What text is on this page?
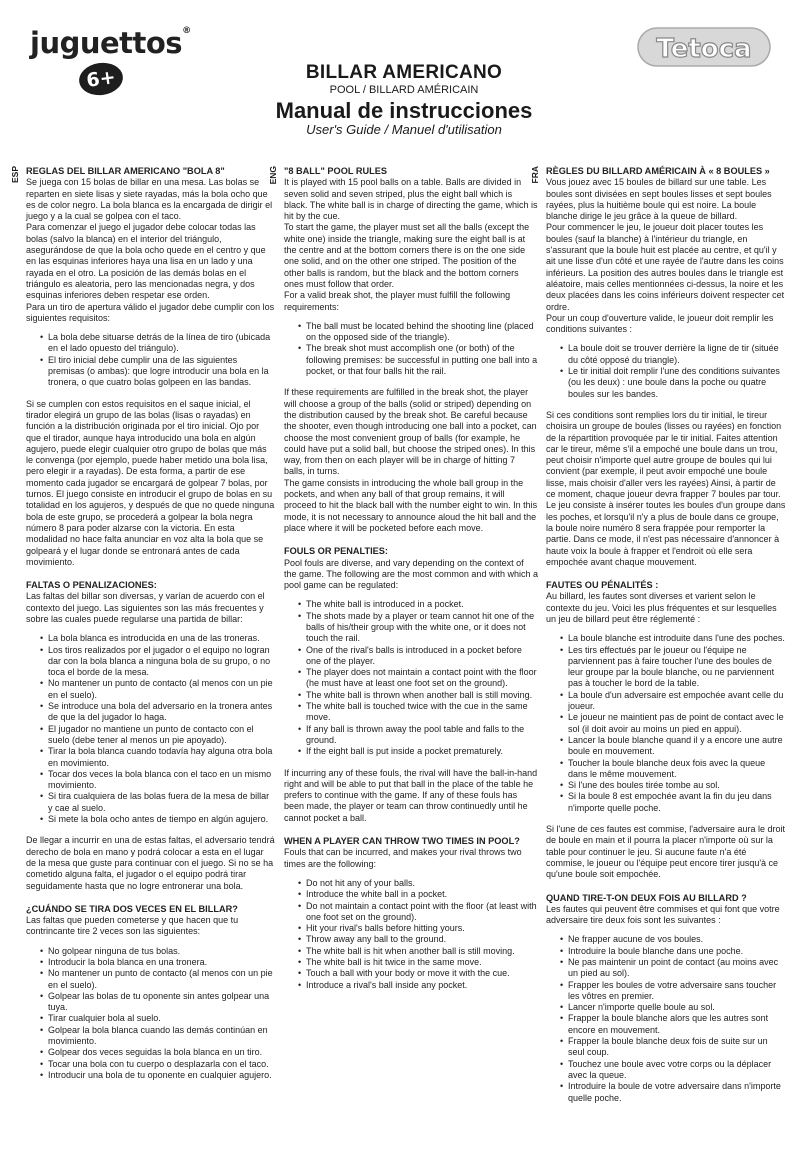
juguettos®
6+
Tetoca
BILLAR AMERICANO
POOL / BILLARD AMÉRICAIN
Manual de instrucciones
User's Guide / Manuel d'utilisation
ESP	ENG	FRA

REGLAS DEL BILLAR AMERICANO "BOLA 8"

Se juega con 15 bolas de billar en una mesa. Las bolas se reparten en siete lisas y siete rayadas, más la bola ocho que es de color negro. La bola blanca es la encargada de dirigir el juego y a la cual se golpea con el taco.
Para comenzar el juego el jugador debe colocar todas las bolas (salvo la blanca) en el interior del triángulo, asegurándose de que la bola ocho quede en el centro y que en las esquinas inferiores haya una lisa en un lado y una rayada en el otro. La posición de las demás bolas en el triángulo es aleatoria, pero las mencionadas negra, y dos esquinas inferiores deben respetar ese orden.
Para un tiro de apertura válido el jugador debe cumplir con los siguientes requisitos:

• La bola debe situarse detrás de la línea de tiro (ubicada en el lado opuesto del triángulo).
• El tiro inicial debe cumplir una de las siguientes premisas (o ambas): que logre introducir una bola en la tronera, o que cuatro bolas golpeen en las bandas.

Si se cumplen con estos requisitos en el saque inicial, el tirador elegirá un grupo de las bolas (lisas o rayadas) en función a la distribución originada por el tiro inicial. Ojo por que el tirador, aunque haya introducido una bola en algún agujero, puede elegir cualquier otro grupo de bolas que más le convenga (por ejemplo, puede haber metido una bola lisa, pero elegir ir a rayadas). De esta forma, a partir de ese momento cada jugador se encargará de golpear 7 bolas, por turnos. El juego consiste en introducir el grupo de bolas en su totalidad en los agujeros, y después de que no quede ninguna bola de este grupo, se procederá a golpear la bola negra número 8 para poder alzarse con la victoria. En esta modalidad no hace falta anunciar en voz alta la bola que se golpeará y el lugar donde se entronará antes de cada movimiento.

FALTAS O PENALIZACIONES:

Las faltas del billar son diversas, y varían de acuerdo con el contexto del juego. Las siguientes son las más frecuentes y sobre las cuales puede regularse una partida de billar:

• La bola blanca es introducida en una de las troneras.
• Los tiros realizados por el jugador o el equipo no logran dar con la bola blanca a ninguna bola de su grupo, o no toca el borde de la mesa.
• No mantener un punto de contacto (al menos con un pie en el suelo).
• Se introduce una bola del adversario en la tronera antes de que la del jugador lo haga.
• El jugador no mantiene un punto de contacto con el suelo (debe tener al menos un pie apoyado).
• Tirar la bola blanca cuando todavía hay alguna otra bola en movimiento.
• Tocar dos veces la bola blanca con el taco en un mismo movimiento.
• Si tira cualquiera de las bolas fuera de la mesa de billar y cae al suelo.
• Si mete la bola ocho antes de tiempo en algún agujero.

De llegar a incurrir en una de estas faltas, el adversario tendrá derecho de bola en mano y podrá colocar a esta en el lugar de la mesa que guste para continuar con el juego. Si no se ha cometido alguna falta, el jugador o el equipo podrá tirar seguidamente hasta que no logre entronerar una bola.

¿CUÁNDO SE TIRA DOS VECES EN EL BILLAR?

Las faltas que pueden cometerse y que hacen que tu contrincante tire 2 veces son las siguientes:

• No golpear ninguna de tus bolas.
• Introducir la bola blanca en una tronera.
• No mantener un punto de contacto (al menos con un pie en el suelo).
• Golpear las bolas de tu oponente sin antes golpear una tuya.
• Tirar cualquier bola al suelo.
• Golpear la bola blanca cuando las demás continúan en movimiento.
• Golpear dos veces seguidas la bola blanca en un tiro.
• Tocar una bola con tu cuerpo o desplazarla con el taco.
• Introducir una bola de tu oponente en cualquier agujero.

"8 BALL" POOL RULES

It is played with 15 pool balls on a table. Balls are divided in seven solid and seven striped, plus the eight ball which is black. The white ball is in charge of directing the game, which is hit by the cue.
To start the game, the player must set all the balls (except the white one) inside the triangle, making sure the eight ball is at the centre and at the bottom corners there is on the one side one solid, and on the other one striped. The position of the other balls is random, but the black and the bottom corners ones must follow that order.
For a valid break shot, the player must fulfill the following requirements:

• The ball must be located behind the shooting line (placed on the opposed side of the triangle).
• The break shot must accomplish one (or both) of the following premises: be successful in putting one ball into a pocket, or that four balls hit the rail.

If these requirements are fulfilled in the break shot, the player will choose a group of the balls (solid or striped) depending on the distribution caused by the break shot. Be careful because the shooter, even though introducing one ball into a pocket, can choose the most convenient group of balls (for example, he could have put a solid ball, but choose the striped ones). In this way, from then on each player will be in charge of hitting 7 balls, in turns.
The game consists in introducing the whole ball group in the pockets, and when any ball of that group remains, it will proceed to hit the black ball with the number eight to win. In this mode, it is not necessary to announce aloud the hit ball and the place where it will be pocketed before each move.

FOULS OR PENALTIES:

Pool fouls are diverse, and vary depending on the context of the game. The following are the most common and with which a pool game can be regulated:

• The white ball is introduced in a pocket.
• The shots made by a player or team cannot hit one of the balls of his/their group with the white one, or it does not touch the rail.
• One of the rival's balls is introduced in a pocket before one of the player.
• The player does not maintain a contact point with the floor (he must have at least one foot set on the ground).
• The white ball is thrown when another ball is still moving.
• The white ball is touched twice with the cue in the same move.
• If any ball is thrown away the pool table and falls to the ground.
• If the eight ball is put inside a pocket prematurely.

If incurring any of these fouls, the rival will have the ball-in-hand right and will be able to put that ball in the place of the table he prefers to continue with the game. If any of these fouls has been made, the player or team can throw continuedly until he cannot pocket a ball.

WHEN A PLAYER CAN THROW TWO TIMES IN POOL?

Fouls that can be incurred, and makes your rival throws two times are the following:

• Do not hit any of your balls.
• Introduce the white ball in a pocket.
• Do not maintain a contact point with the floor (at least with one foot set on the ground).
• Hit your rival's balls before hitting yours.
• Throw away any ball to the ground.
• The white ball is hit when another ball is still moving.
• The white ball is hit twice in the same move.
• Touch a ball with your body or move it with the cue.
• Introduce a rival's ball inside any pocket.

RÈGLES DU BILLARD AMÉRICAIN À « 8 BOULES »

Vous jouez avec 15 boules de billard sur une table. Les boules sont divisées en sept boules lisses et sept boules rayées, plus la huitième boule qui est noire. La boule blanche dirige le jeu grâce à la queue de billard.
Pour commencer le jeu, le joueur doit placer toutes les boules (sauf la blanche) à l'intérieur du triangle, en s'assurant que la boule huit est placée au centre, et qu'il y ait une lisse d'un côté et une rayée de l'autre dans les coins inférieurs. La position des autres boules dans le triangle est aléatoire, mais celles mentionnées ci-dessus, la noire et les deux placées dans les coins inférieurs doivent respecter cet ordre.
Pour un coup d'ouverture valide, le joueur doit remplir les conditions suivantes :

• La boule doit se trouver derrière la ligne de tir (située du côté opposé du triangle).
• Le tir initial doit remplir l'une des conditions suivantes (ou les deux) : une boule dans la poche ou quatre boules sur les bandes.

Si ces conditions sont remplies lors du tir initial, le tireur choisira un groupe de boules (lisses ou rayées) en fonction de la répartition provoquée par le tir initial. Faites attention car le tireur, même s'il a empoché une boule dans un trou, peut choisir n'importe quel autre groupe de boules qui lui convient (par exemple, il peut avoir empoché une boule lisse, mais choisir d'aller vers les rayées) Ainsi, à partir de ce moment, chaque joueur devra frapper 7 boules par tour. Le jeu consiste à insérer toutes les boules d'un groupe dans les poches, et lorsqu'il n'y a plus de boule dans ce groupe, la boule noire numéro 8 sera frappée pour remporter la partie. Dans ce mode, il n'est pas nécessaire d'annoncer à haute voix la boule à frapper et l'endroit où elle sera empochée avant chaque mouvement.

FAUTES OU PÉNALITÉS :

Au billard, les fautes sont diverses et varient selon le contexte du jeu. Voici les plus fréquentes et sur lesquelles un jeu de billard peut être réglementé :

• La boule blanche est introduite dans l'une des poches.
• Les tirs effectués par le joueur ou l'équipe ne parviennent pas à faire toucher l'une des boules de leur groupe par la boule blanche, ou ne parviennent pas à toucher le bord de la table.
• La boule d'un adversaire est empochée avant celle du joueur.
• Le joueur ne maintient pas de point de contact avec le sol (il doit avoir au moins un pied en appui).
• Lancer la boule blanche quand il y a encore une autre boule en mouvement.
• Toucher la boule blanche deux fois avec la queue dans le même mouvement.
• Si l'une des boules tirée tombe au sol.
• Si la boule 8 est empochée avant la fin du jeu dans n'importe quelle poche.

Si l'une de ces fautes est commise, l'adversaire aura le droit de boule en main et il pourra la placer n'importe où sur la table pour continuer le jeu. Si aucune faute n'a été commise, le joueur ou l'équipe peut encore tirer jusqu'à ce qu'une boule soit empochée.

QUAND TIRE-T-ON DEUX FOIS AU BILLARD ?

Les fautes qui peuvent être commises et qui font que votre adversaire tire deux fois sont les suivantes :

• Ne frapper aucune de vos boules.
• Introduire la boule blanche dans une poche.
• Ne pas maintenir un point de contact (au moins avec un pied au sol).
• Frapper les boules de votre adversaire sans toucher les vôtres en premier.
• Lancer n'importe quelle boule au sol.
• Frapper la boule blanche alors que les autres sont encore en mouvement.
• Frapper la boule blanche deux fois de suite sur un seul coup.
• Touchez une boule avec votre corps ou la déplacer avec la queue.
• Introduire la boule de votre adversaire dans n'importe quelle poche.
